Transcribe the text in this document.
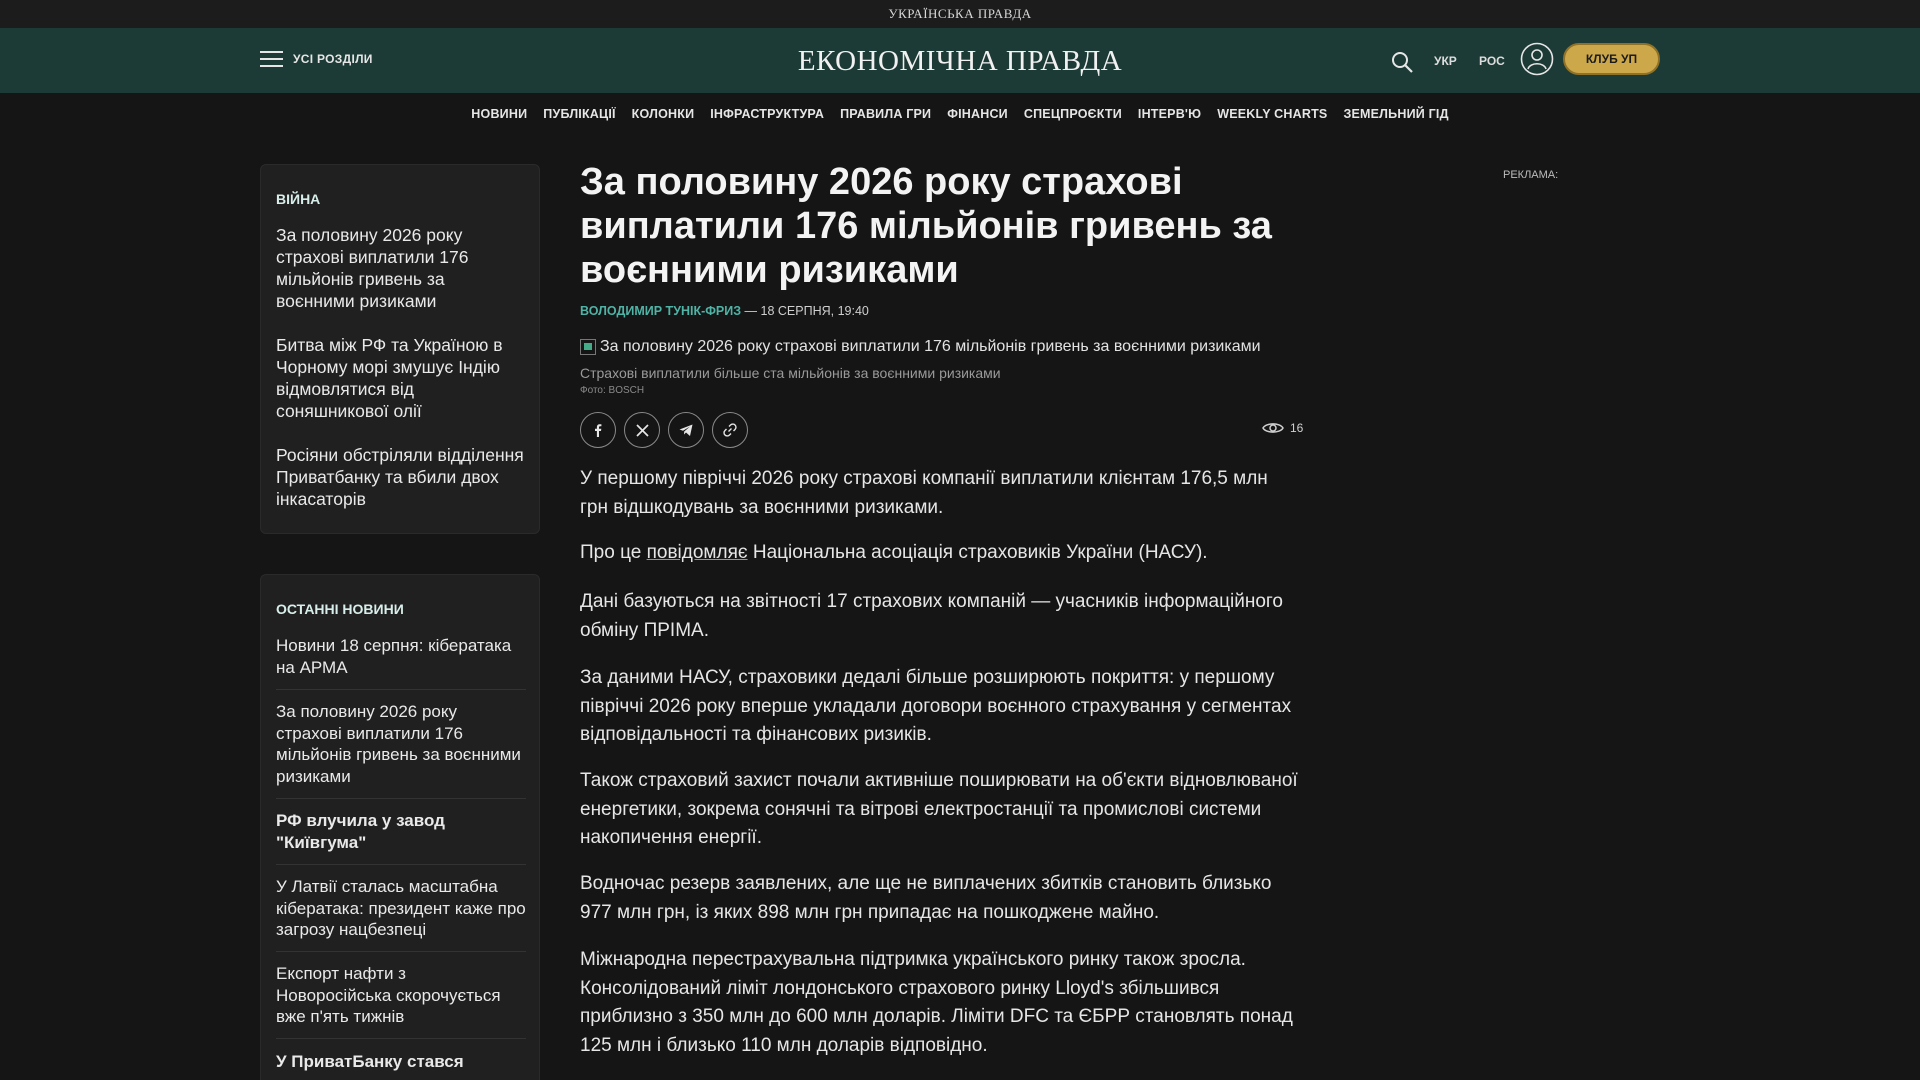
УКРАЇНСЬКА ПРАВДА
УСІ РОЗДІЛИ	ЕКОНОМІЧНА ПРАВДА	УКР РОС	КЛУБ УП
НОВИНИ ПУБЛІКАЦІЇ КОЛОНКИ ІНФРАСТРУКТУРА ПРАВИЛА ГРИ ФІНАНСИ СПЕЦПРОЄКТИ ІНТЕРВ'Ю WEEKLY CHARTS ЗЕМЕЛЬНИЙ ГІД
ВІЙНА
За половину 2026 року страхові виплатили 176 мільйонів гривень за воєнними ризиками
Битва між РФ та Україною в Чорному морі змушує Індію відмовлятися від соняшникової олії
Росіяни обстріляли відділення Приватбанку та вбили двох інкасаторів
ОСТАННІ НОВИНИ
Новини 18 серпня: кібератака на АРМА
За половину 2026 року страхові виплатили 176 мільйонів гривень за воєнними ризиками
РФ влучила у завод "Київгума"
У Латвії сталась масштабна кібератака: президент каже про загрозу нацбезпеці
Експорт нафти з Новоросійська скорочується вже п'ять тижнів
У ПриватБанку стався
За половину 2026 року страхові виплатили 176 мільйонів гривень за воєнними ризиками
ВОЛОДИМИР ТУНІК-ФРИЗ — 18 СЕРПНЯ, 19:40
За половину 2026 року страхові виплатили 176 мільйонів гривень за воєнними ризиками
Страхові виплатили більше ста мільйонів за воєнними ризиками
Фото: BOSCH
16

У першому півріччі 2026 року страхові компанії виплатили клієнтам 176,5 млн грн відшкодувань за воєнними ризиками.

Про це повідомляє Національна асоціація страховиків України (НАСУ).

Дані базуються на звітності 17 страхових компаній — учасників інформаційного обміну ПРІМА.

За даними НАСУ, страховики дедалі більше розширюють покриття: у першому півріччі 2026 року вперше укладали договори воєнного страхування у сегментах відповідальності та фінансових ризиків.

Також страховий захист почали активніше поширювати на об'єкти відновлюваної енергетики, зокрема сонячні та вітрові електростанції та промислові системи накопичення енергії.

Водночас резерв заявлених, але ще не виплачених збитків становить близько 977 млн грн, із яких 898 млн грн припадає на пошкоджене майно.

Міжнародна перестрахувальна підтримка українського ринку також зросла. Консолідований ліміт лондонського страхового ринку Lloyd's збільшився приблизно з 350 млн до 600 млн доларів. Ліміти DFC та ЄБРР становлять понад 125 млн і близько 110 млн доларів відповідно.

РЕКЛАМА:
